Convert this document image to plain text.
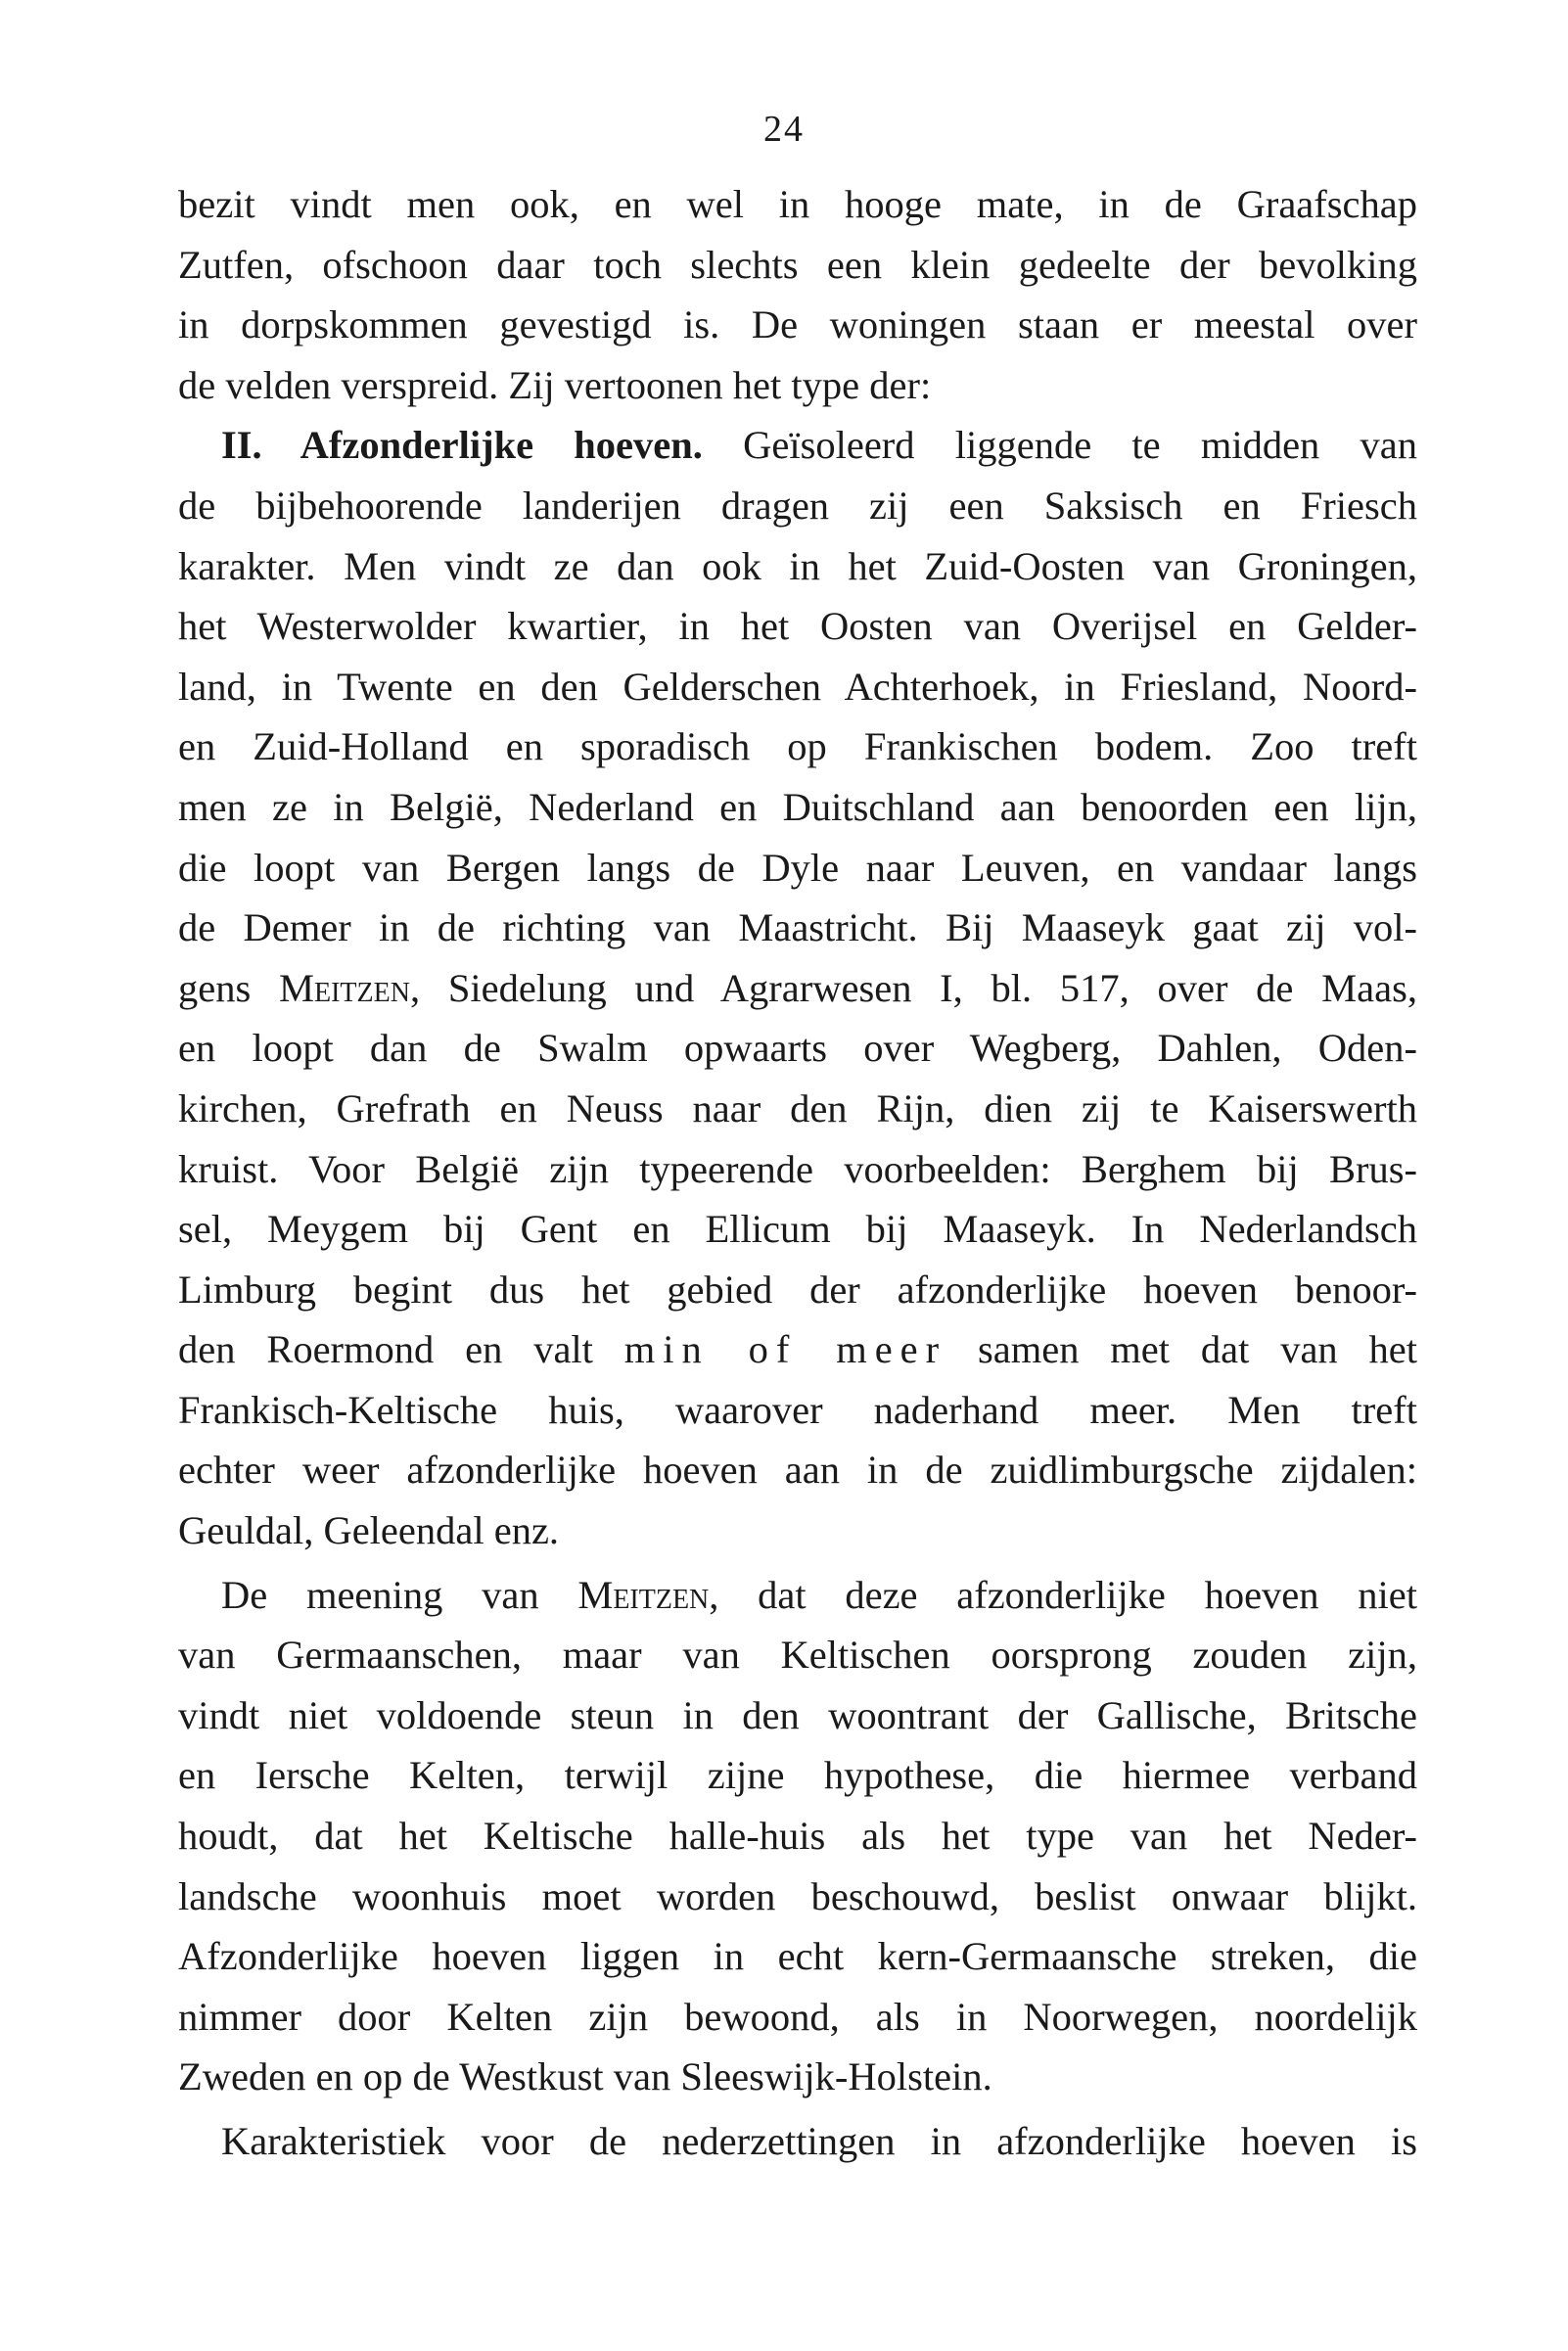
24
bezit vindt men ook, en wel in hooge mate, in de Graafschap
Zutfen, ofschoon daar toch slechts een klein gedeelte der bevolking
in dorpskommen gevestigd is. De woningen staan er meestal over
de velden verspreid. Zij vertoonen het type der:
II. Afzonderlijke hoeven. Geïsoleerd liggende te midden van
de bijbehoorende landerijen dragen zij een Saksisch en Friesch
karakter. Men vindt ze dan ook in het Zuid-Oosten van Groningen,
het Westerwolder kwartier, in het Oosten van Overijsel en Gelder-
land, in Twente en den Gelderschen Achterhoek, in Friesland, Noord-
en Zuid-Holland en sporadisch op Frankischen bodem. Zoo treft
men ze in België, Nederland en Duitschland aan benoorden een lijn,
die loopt van Bergen langs de Dyle naar Leuven, en vandaar langs
de Demer in de richting van Maastricht. Bij Maaseyk gaat zij vol-
gens Meitzen, Siedelung und Agrarwesen I, bl. 517, over de Maas,
en loopt dan de Swalm opwaarts over Wegberg, Dahlen, Oden-
kirchen, Grefrath en Neuss naar den Rijn, dien zij te Kaiserswerth
kruist. Voor België zijn typeerende voorbeelden: Berghem bij Brus-
sel, Meygem bij Gent en Ellicum bij Maaseyk. In Nederlandsch
Limburg begint dus het gebied der afzonderlijke hoeven benoor-
den Roermond en valt min of meer samen met dat van het
Frankisch-Keltische huis, waarover naderhand meer. Men treft
echter weer afzonderlijke hoeven aan in de zuidlimburgsche zijdalen:
Geuldal, Geleendal enz.
De meening van Meitzen, dat deze afzonderlijke hoeven niet
van Germaanschen, maar van Keltischen oorsprong zouden zijn,
vindt niet voldoende steun in den woontrant der Gallische, Britsche
en Iersche Kelten, terwijl zijne hypothese, die hiermee verband
houdt, dat het Keltische halle-huis als het type van het Neder-
landsche woonhuis moet worden beschouwd, beslist onwaar blijkt.
Afzonderlijke hoeven liggen in echt kern-Germaansche streken, die
nimmer door Kelten zijn bewoond, als in Noorwegen, noordelijk
Zweden en op de Westkust van Sleeswijk-Holstein.
Karakteristiek voor de nederzettingen in afzonderlijke hoeven is
